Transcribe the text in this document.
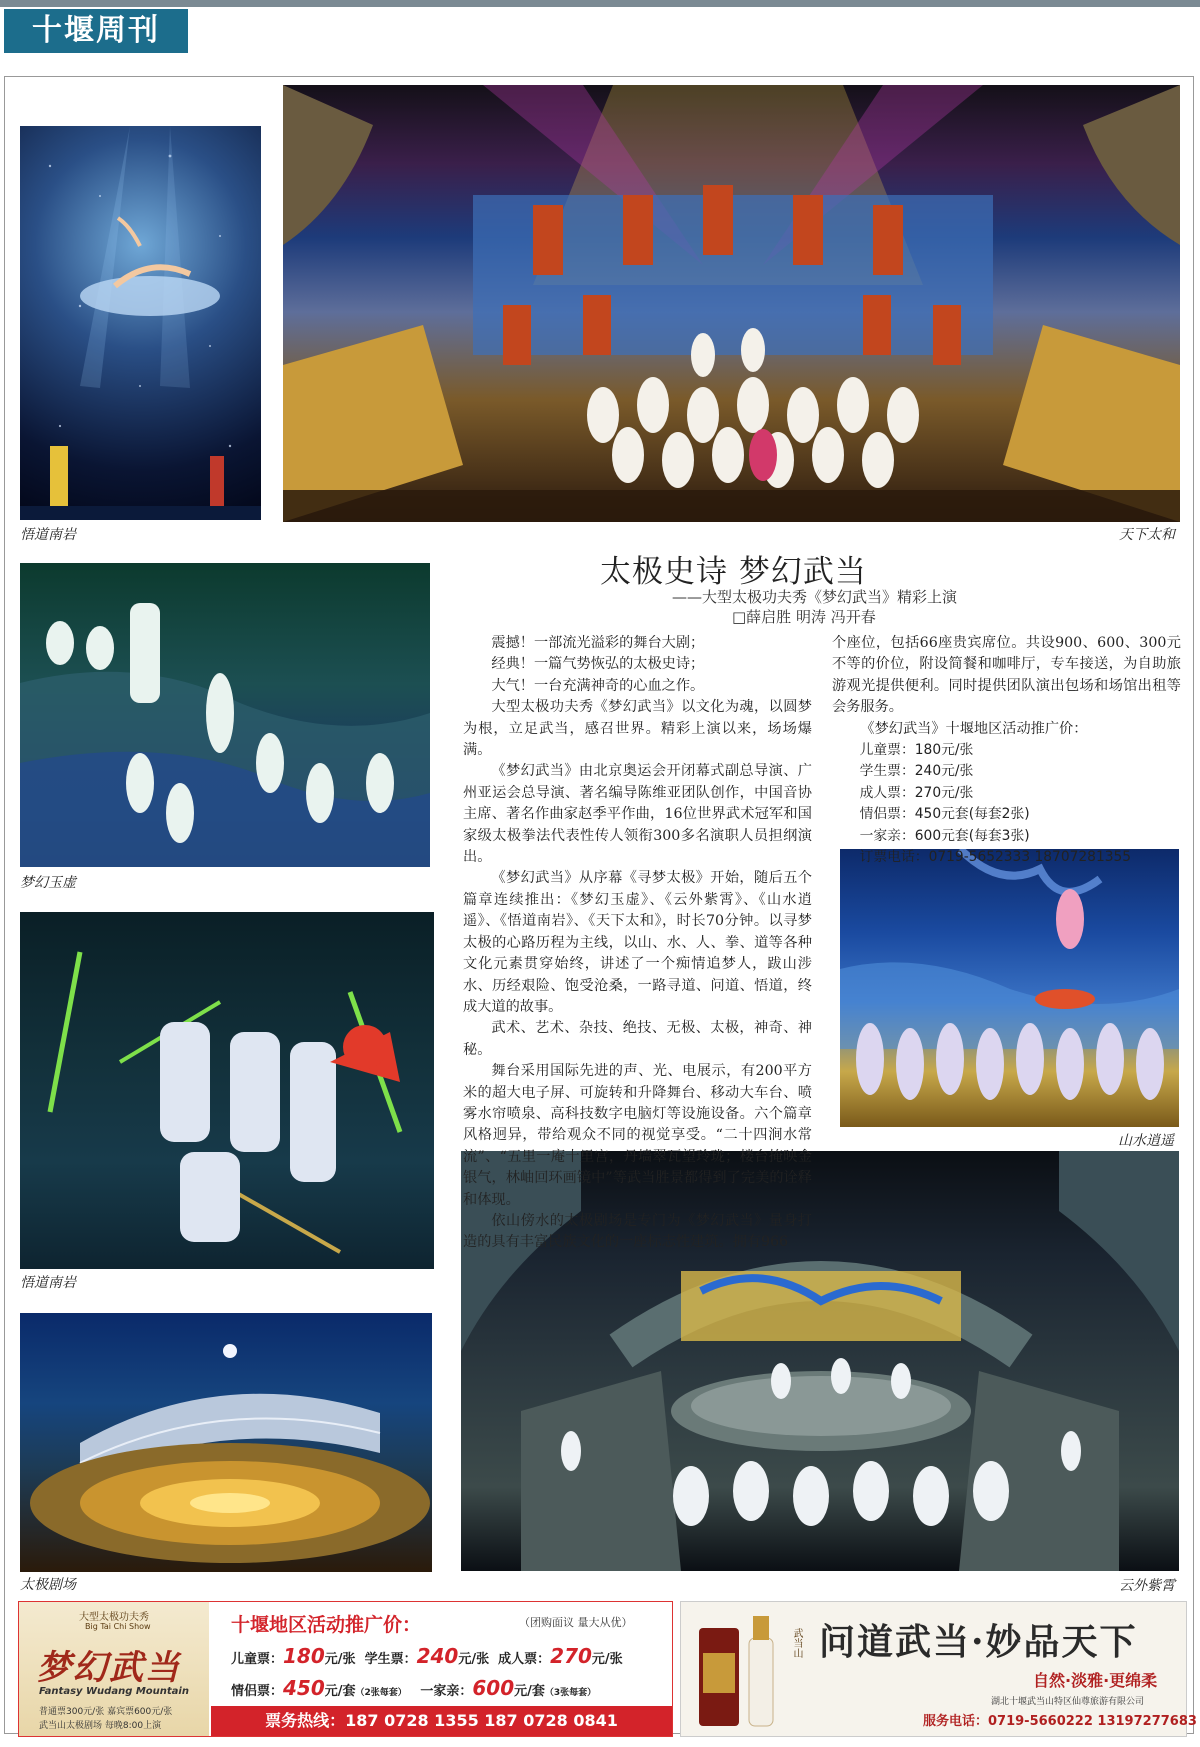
十堰周刊
悟道南岩	天下太和
梦幻玉虚
悟道南岩
太极剧场
山水逍遥
云外紫霄
太极史诗 梦幻武当
——大型太极功夫秀《梦幻武当》精彩上演
□薛启胜 明涛 冯开春

震撼！一部流光溢彩的舞台大剧；

经典！一篇气势恢弘的太极史诗；

大气！一台充满神奇的心血之作。

大型太极功夫秀《梦幻武当》以文化为魂，以圆梦为根，立足武当，感召世界。精彩上演以来，场场爆满。

《梦幻武当》由北京奥运会开闭幕式副总导演、广州亚运会总导演、著名编导陈维亚团队创作，中国音协主席、著名作曲家赵季平作曲，16位世界武术冠军和国家级太极拳法代表性传人领衔300多名演职人员担纲演出。

《梦幻武当》从序幕《寻梦太极》开始，随后五个篇章连续推出：《梦幻玉虚》、《云外紫霄》、《山水逍遥》、《悟道南岩》、《天下太和》，时长70分钟。以寻梦太极的心路历程为主线，以山、水、人、拳、道等各种文化元素贯穿始终，讲述了一个痴情追梦人，跋山涉水、历经艰险、饱受沧桑，一路寻道、问道、悟道，终成大道的故事。

武术、艺术、杂技、绝技、无极、太极，神奇、神秘。

舞台采用国际先进的声、光、电展示，有200平方米的超大电子屏、可旋转和升降舞台、移动大车台、喷雾水帘喷泉、高科技数字电脑灯等设施设备。六个篇章风格迥异，带给观众不同的视觉享受。“二十四涧水常流”、“五里一庵十里宫，丹墙翠瓦望玲珑；楼台掩映金银气，林岫回环画镜中”等武当胜景都得到了完美的诠释和体现。

依山傍水的太极剧场是专门为《梦幻武当》量身打造的具有丰富民族文化的一座标志性建筑。拥有966

个座位，包括66座贵宾席位。共设900、600、300元不等的价位，附设简餐和咖啡厅，专车接送，为自助旅游观光提供便利。同时提供团队演出包场和场馆出租等会务服务。

《梦幻武当》十堰地区活动推广价：

儿童票：180元/张

学生票：240元/张

成人票：270元/张

情侣票：450元套(每套2张)

一家亲：600元套(每套3张)

订票电话：0719-5652333 18707281355

大型太极功夫秀
Big Tai Chi Show
梦幻武当
Fantasy Wudang Mountain
普通票300元/张 嘉宾票600元/张
武当山太极剧场 每晚8:00上演
十堰地区活动推广价：	（团购面议 量大从优）
儿童票：180元/张 学生票：240元/张 成人票：270元/张
情侣票：450元/套（2张每套） 一家亲：600元/套（3张每套）
票务热线：187 0728 1355 187 0728 0841
武当山 问道武当·妙品天下
自然·淡雅·更绵柔
湖北十堰武当山特区仙尊旅游有限公司
服务电话：0719-5660222 13197277683
